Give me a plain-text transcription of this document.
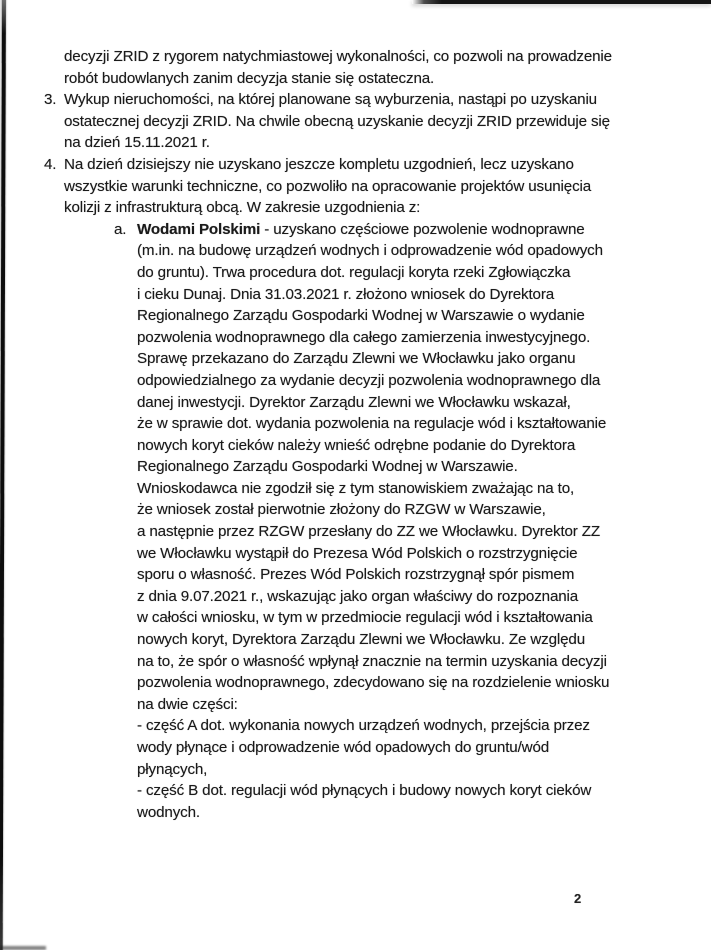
decyzji ZRID z rygorem natychmiastowej wykonalności, co pozwoli na prowadzenie
robót budowlanych zanim decyzja stanie się ostateczna.
3. Wykup nieruchomości, na której planowane są wyburzenia, nastąpi po uzyskaniu
ostatecznej decyzji ZRID. Na chwile obecną uzyskanie decyzji ZRID przewiduje się
na dzień 15.11.2021 r.
4. Na dzień dzisiejszy nie uzyskano jeszcze kompletu uzgodnień, lecz uzyskano
wszystkie warunki techniczne, co pozwoliło na opracowanie projektów usunięcia
kolizji z infrastrukturą obcą. W zakresie uzgodnienia z:
a. Wodami Polskimi - uzyskano częściowe pozwolenie wodnoprawne
(m.in. na budowę urządzeń wodnych i odprowadzenie wód opadowych
do gruntu). Trwa procedura dot. regulacji koryta rzeki Zgłowiączka
i cieku Dunaj. Dnia 31.03.2021 r. złożono wniosek do Dyrektora
Regionalnego Zarządu Gospodarki Wodnej w Warszawie o wydanie
pozwolenia wodnoprawnego dla całego zamierzenia inwestycyjnego.
Sprawę przekazano do Zarządu Zlewni we Włocławku jako organu
odpowiedzialnego za wydanie decyzji pozwolenia wodnoprawnego dla
danej inwestycji. Dyrektor Zarządu Zlewni we Włocławku wskazał,
że w sprawie dot. wydania pozwolenia na regulacje wód i kształtowanie
nowych koryt cieków należy wnieść odrębne podanie do Dyrektora
Regionalnego Zarządu Gospodarki Wodnej w Warszawie.
Wnioskodawca nie zgodził się z tym stanowiskiem zważając na to,
że wniosek został pierwotnie złożony do RZGW w Warszawie,
a następnie przez RZGW przesłany do ZZ we Włocławku. Dyrektor ZZ
we Włocławku wystąpił do Prezesa Wód Polskich o rozstrzygnięcie
sporu o własność. Prezes Wód Polskich rozstrzygnął spór pismem
z dnia 9.07.2021 r., wskazując jako organ właściwy do rozpoznania
w całości wniosku, w tym w przedmiocie regulacji wód i kształtowania
nowych koryt, Dyrektora Zarządu Zlewni we Włocławku. Ze względu
na to, że spór o własność wpłynął znacznie na termin uzyskania decyzji
pozwolenia wodnoprawnego, zdecydowano się na rozdzielenie wniosku
na dwie części:
- część A dot. wykonania nowych urządzeń wodnych, przejścia przez
wody płynące i odprowadzenie wód opadowych do gruntu/wód
płynących,
- część B dot. regulacji wód płynących i budowy nowych koryt cieków
wodnych.
2
